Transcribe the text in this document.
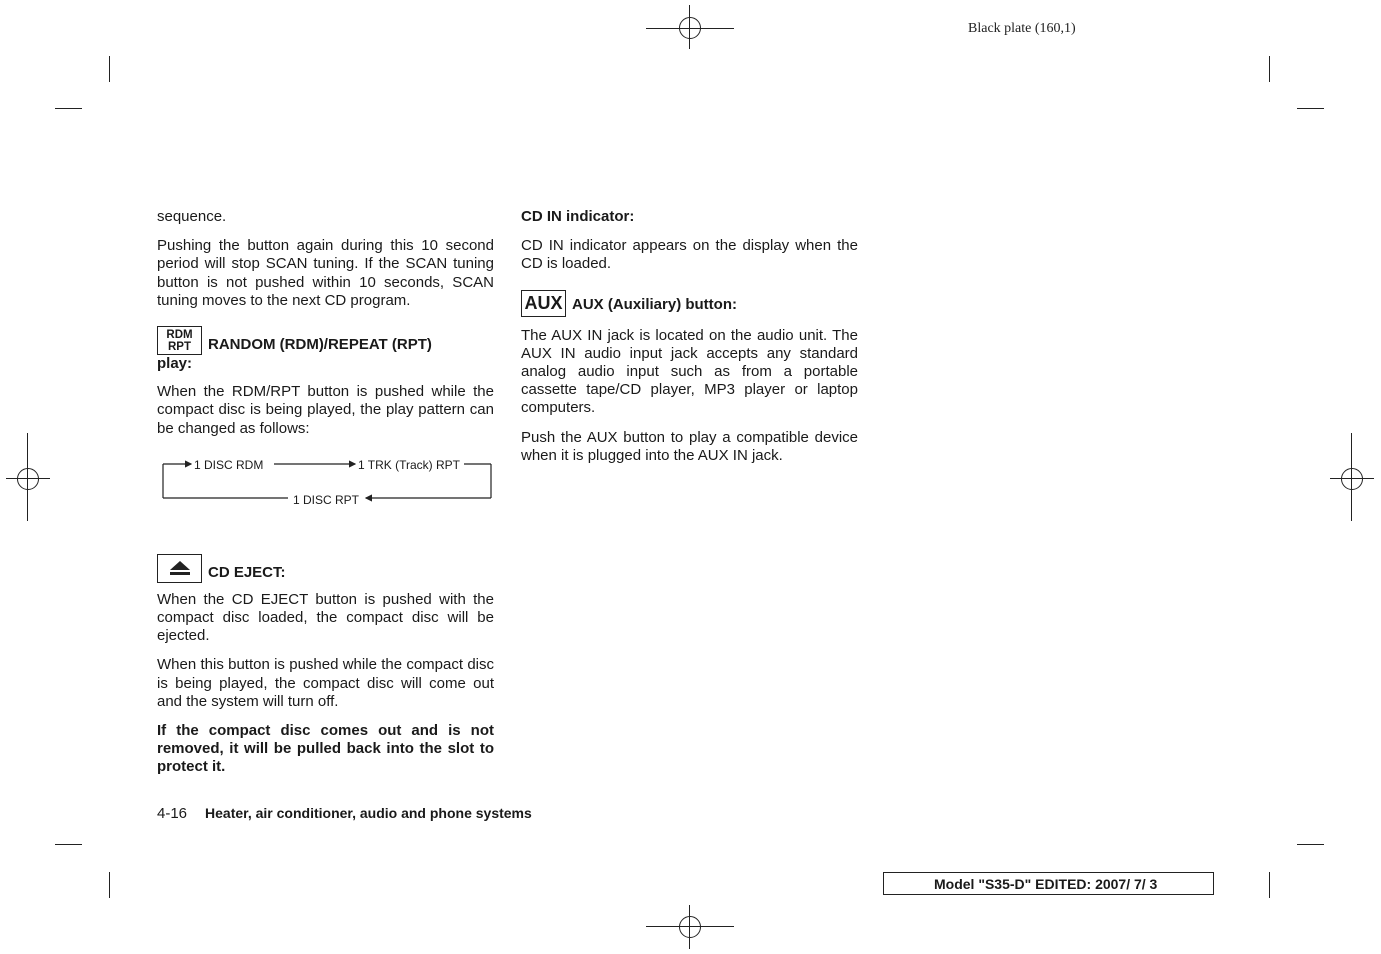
Black plate (160,1)

sequence.

Pushing the button again during this 10 second period will stop SCAN tuning. If the SCAN tuning button is not pushed within 10 seconds, SCAN tuning moves to the next CD program.

RDM
RPT RANDOM (RDM)/REPEAT (RPT)
play:

When the RDM/RPT button is pushed while the compact disc is being played, the play pattern can be changed as follows:

1 DISC RDM	1 TRK (Track) RPT
1 DISC RPT
CD EJECT:

When the CD EJECT button is pushed with the compact disc loaded, the compact disc will be ejected.

When this button is pushed while the compact disc is being played, the compact disc will come out and the system will turn off.

If the compact disc comes out and is not removed, it will be pulled back into the slot to protect it.

CD IN indicator:

CD IN indicator appears on the display when the CD is loaded.

AUX AUX (Auxiliary) button:

The AUX IN jack is located on the audio unit. The AUX IN audio input jack accepts any standard analog audio input such as from a portable cassette tape/CD player, MP3 player or laptop computers.

Push the AUX button to play a compatible device when it is plugged into the AUX IN jack.

4-16 Heater, air conditioner, audio and phone systems
Model "S35-D" EDITED: 2007/ 7/ 3
